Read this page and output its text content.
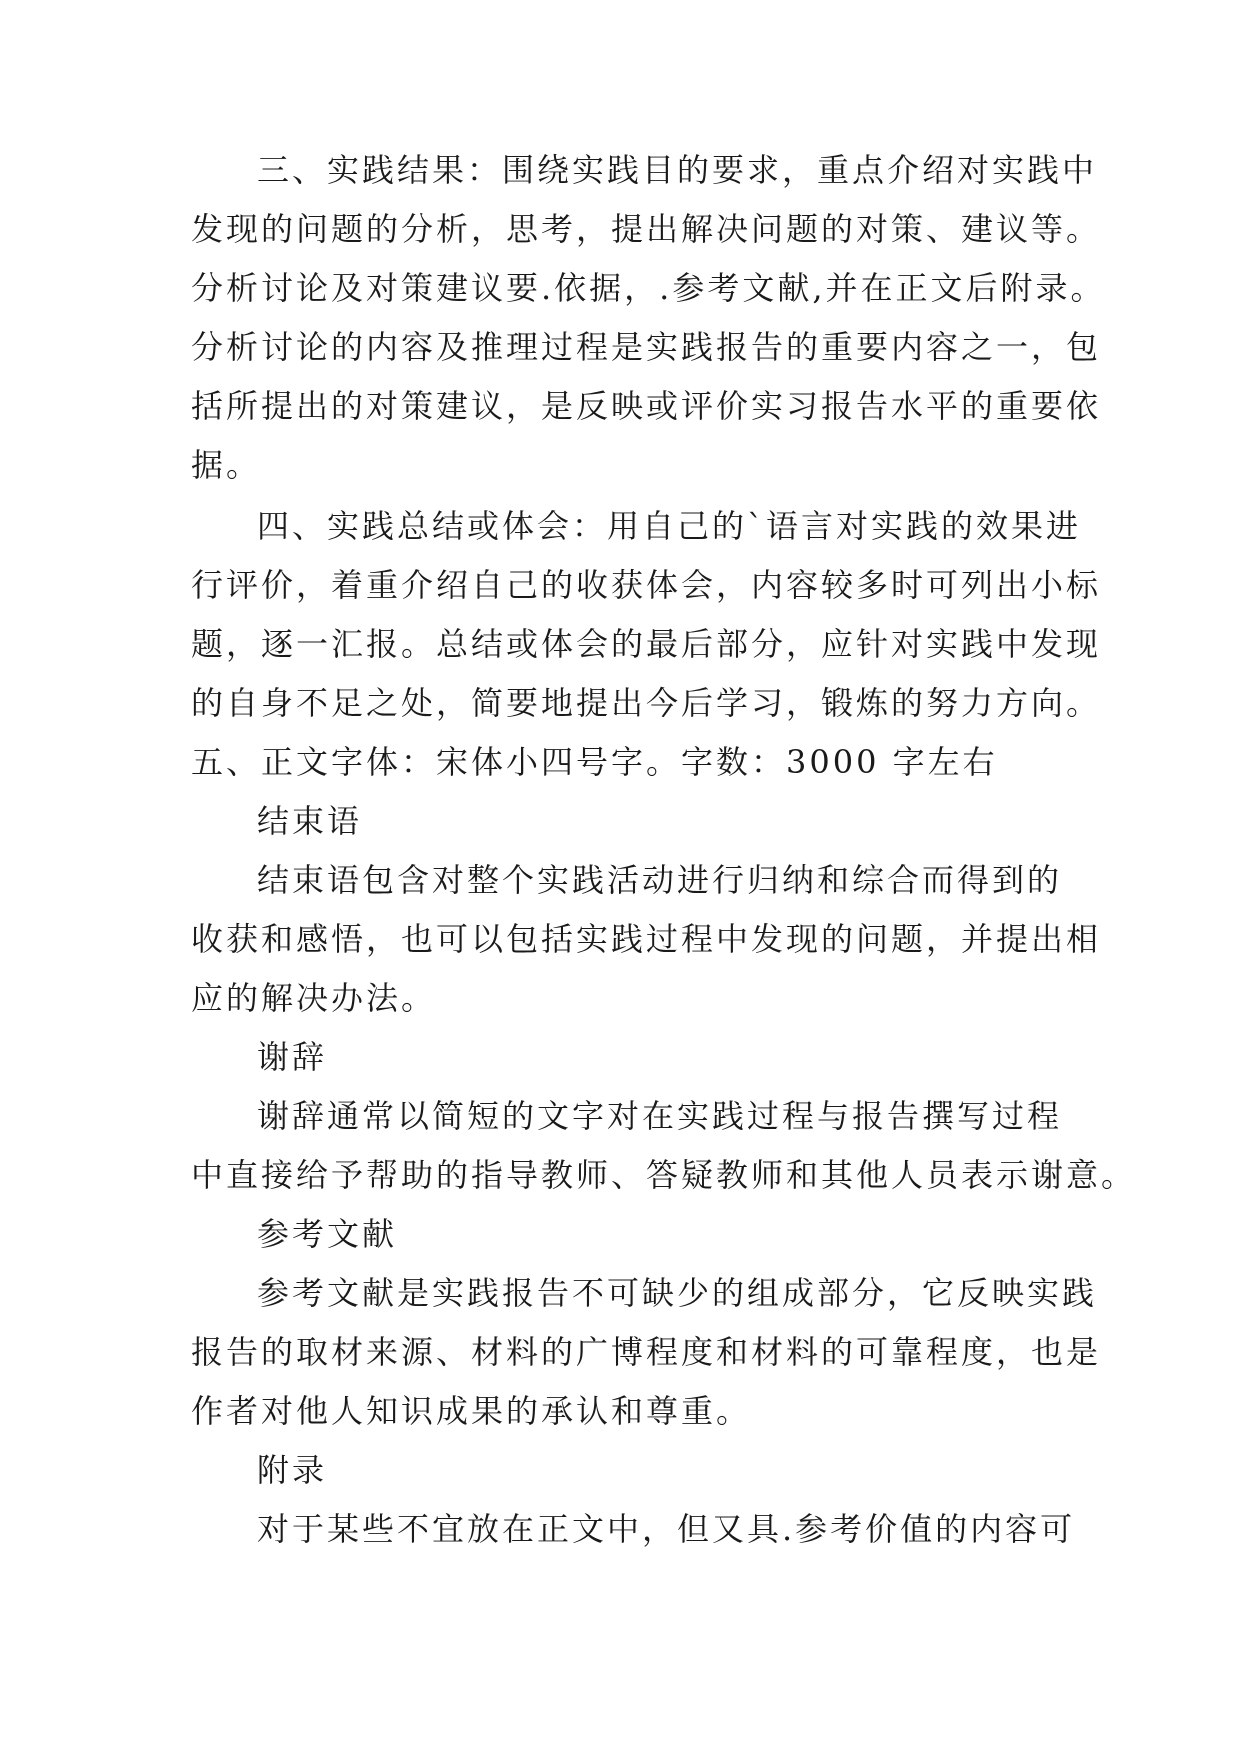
三、实践结果：围绕实践目的要求，重点介绍对实践中
发现的问题的分析，思考，提出解决问题的对策、建议等。
分析讨论及对策建议要.依据，.参考文献,并在正文后附录。
分析讨论的内容及推理过程是实践报告的重要内容之一，包
括所提出的对策建议，是反映或评价实习报告水平的重要依
据。
四、实践总结或体会：用自己的`语言对实践的效果进
行评价，着重介绍自己的收获体会，内容较多时可列出小标
题，逐一汇报。总结或体会的最后部分，应针对实践中发现
的自身不足之处，简要地提出今后学习，锻炼的努力方向。
五、正文字体：宋体小四号字。字数：3000 字左右
结束语
结束语包含对整个实践活动进行归纳和综合而得到的
收获和感悟，也可以包括实践过程中发现的问题，并提出相
应的解决办法。
谢辞
谢辞通常以简短的文字对在实践过程与报告撰写过程
中直接给予帮助的指导教师、答疑教师和其他人员表示谢意。
参考文献
参考文献是实践报告不可缺少的组成部分，它反映实践
报告的取材来源、材料的广博程度和材料的可靠程度，也是
作者对他人知识成果的承认和尊重。
附录
对于某些不宜放在正文中，但又具.参考价值的内容可
